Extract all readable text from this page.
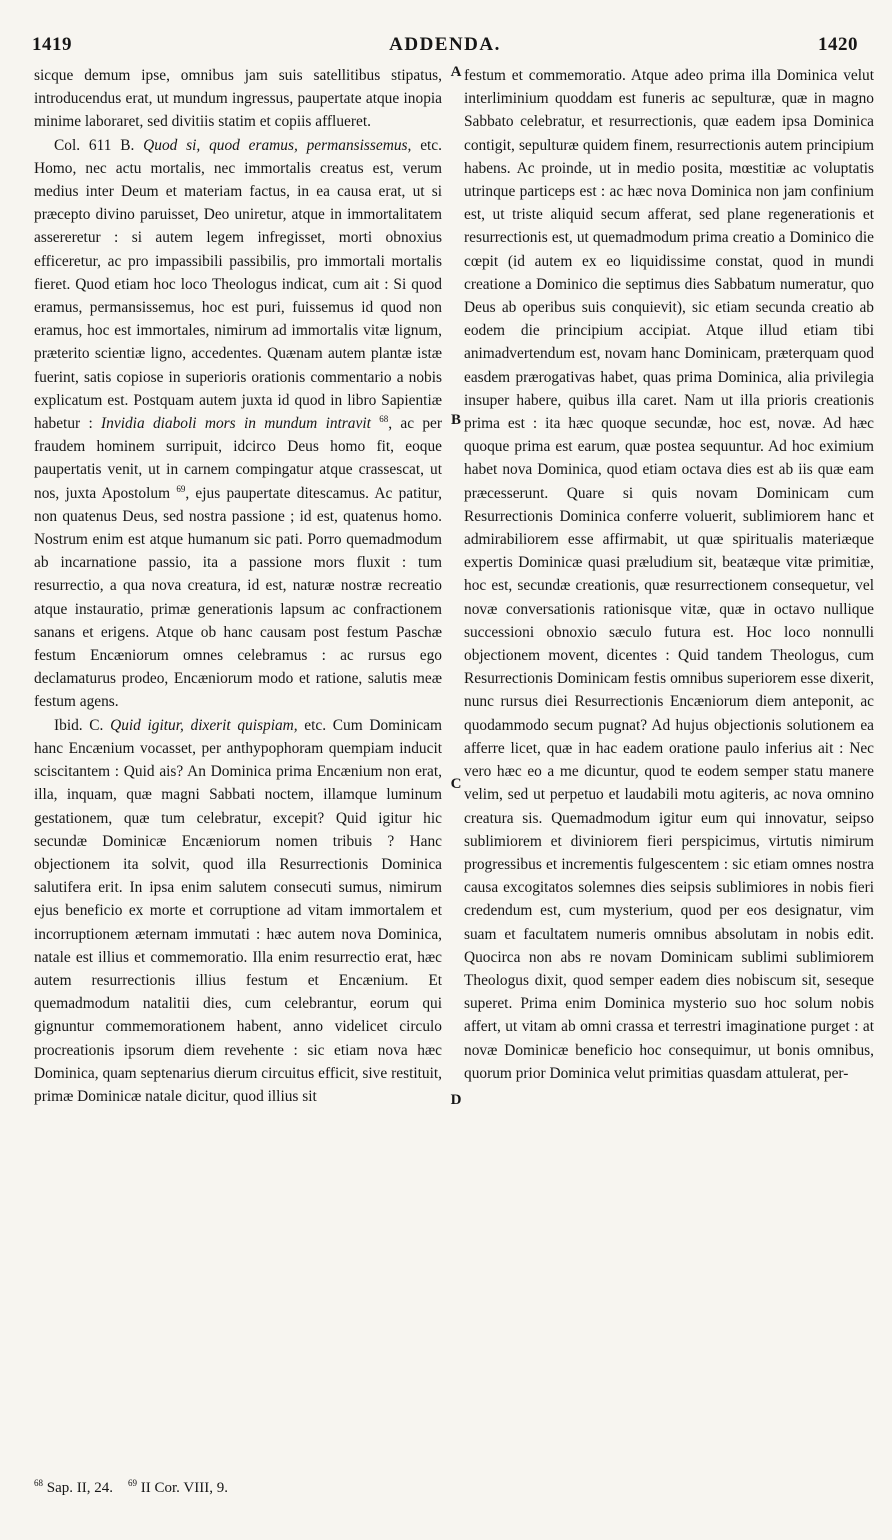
1419	ADDENDA.	1420

sicque demum ipse, omnibus jam suis satellitibus stipatus, introducendus erat, ut mundum ingressus, paupertate atque inopia minime laboraret, sed divitiis statim et copiis afflueret.

Col. 611 B. Quod si, quod eramus, permansissemus, etc. Homo, nec actu mortalis, nec immortalis creatus est, verum medius inter Deum et materiam factus, in ea causa erat, ut si præcepto divino paruisset, Deo uniretur, atque in immortalitatem assereretur : si autem legem infregisset, morti obnoxius efficeretur, ac pro impassibili passibilis, pro immortali mortalis fieret. Quod etiam hoc loco Theologus indicat, cum ait : Si quod eramus, permansissemus, hoc est puri, fuissemus id quod non eramus, hoc est immortales, nimirum ad immortalis vitæ lignum, præterito scientiæ ligno, accedentes. Quænam autem plantæ istæ fuerint, satis copiose in superioris orationis commentario a nobis explicatum est. Postquam autem juxta id quod in libro Sapientiæ habetur : Invidia diaboli mors in mundum intravit $^{68}$, ac per fraudem hominem surripuit, idcirco Deus homo fit, eoque paupertatis venit, ut in carnem compingatur atque crassescat, ut nos, juxta Apostolum $^{69}$, ejus paupertate ditescamus. Ac patitur, non quatenus Deus, sed nostra passione ; id est, quatenus homo. Nostrum enim est atque humanum sic pati. Porro quemadmodum ab incarnatione passio, ita a passione mors fluxit : tum resurrectio, a qua nova creatura, id est, naturæ nostræ recreatio atque instauratio, primæ generationis lapsum ac confractionem sanans et erigens. Atque ob hanc causam post festum Paschæ festum Encæniorum omnes celebramus : ac rursus ego declamaturus prodeo, Encæniorum modo et ratione, salutis meæ festum agens.

Ibid. C. Quid igitur, dixerit quispiam, etc. Cum Dominicam hanc Encænium vocasset, per anthypophoram quempiam inducit sciscitantem : Quid ais? An Dominica prima Encænium non erat, illa, inquam, quæ magni Sabbati noctem, illamque luminum gestationem, quæ tum celebratur, excepit? Quid igitur hic secundæ Dominicæ Encæniorum nomen tribuis ? Hanc objectionem ita solvit, quod illa Resurrectionis Dominica salutifera erit. In ipsa enim salutem consecuti sumus, nimirum ejus beneficio ex morte et corruptione ad vitam immortalem et incorruptionem æternam immutati : hæc autem nova Dominica, natale est illius et commemoratio. Illa enim resurrectio erat, hæc autem resurrectionis illius festum et Encænium. Et quemadmodum natalitii dies, cum celebrantur, eorum qui gignuntur commemorationem habent, anno videlicet circulo procreationis ipsorum diem revehente : sic etiam nova hæc Dominica, quam septenarius dierum circuitus efficit, sive restituit, primæ Dominicæ natale dicitur, quod illius sit

A
B
C
D

festum et commemoratio. Atque adeo prima illa Dominica velut interliminium quoddam est funeris ac sepulturæ, quæ in magno Sabbato celebratur, et resurrectionis, quæ eadem ipsa Dominica contigit, sepulturæ quidem finem, resurrectionis autem principium habens. Ac proinde, ut in medio posita, mœstitiæ ac voluptatis utrinque particeps est : ac hæc nova Dominica non jam confinium est, ut triste aliquid secum afferat, sed plane regenerationis et resurrectionis est, ut quemadmodum prima creatio a Dominico die cœpit (id autem ex eo liquidissime constat, quod in mundi creatione a Dominico die septimus dies Sabbatum numeratur, quo Deus ab operibus suis conquievit), sic etiam secunda creatio ab eodem die principium accipiat. Atque illud etiam tibi animadvertendum est, novam hanc Dominicam, præterquam quod easdem prærogativas habet, quas prima Dominica, alia privilegia insuper habere, quibus illa caret. Nam ut illa prioris creationis prima est : ita hæc quoque secundæ, hoc est, novæ. Ad hæc quoque prima est earum, quæ postea sequuntur. Ad hoc eximium habet nova Dominica, quod etiam octava dies est ab iis quæ eam præcesserunt. Quare si quis novam Dominicam cum Resurrectionis Dominica conferre voluerit, sublimiorem hanc et admirabiliorem esse affirmabit, ut quæ spiritualis materiæque expertis Dominicæ quasi præludium sit, beatæque vitæ primitiæ, hoc est, secundæ creationis, quæ resurrectionem consequetur, vel novæ conversationis rationisque vitæ, quæ in octavo nullique successioni obnoxio sæculo futura est. Hoc loco nonnulli objectionem movent, dicentes : Quid tandem Theologus, cum Resurrectionis Dominicam festis omnibus superiorem esse dixerit, nunc rursus diei Resurrectionis Encæniorum diem anteponit, ac quodammodo secum pugnat? Ad hujus objectionis solutionem ea afferre licet, quæ in hac eadem oratione paulo inferius ait : Nec vero hæc eo a me dicuntur, quod te eodem semper statu manere velim, sed ut perpetuo et laudabili motu agiteris, ac nova omnino creatura sis. Quemadmodum igitur eum qui innovatur, seipso sublimiorem et diviniorem fieri perspicimus, virtutis nimirum progressibus et incrementis fulgescentem : sic etiam omnes nostra causa excogitatos solemnes dies seipsis sublimiores in nobis fieri credendum est, cum mysterium, quod per eos designatur, vim suam et facultatem numeris omnibus absolutam in nobis edit. Quocirca non abs re novam Dominicam sublimi sublimiorem Theologus dixit, quod semper eadem dies nobiscum sit, seseque superet. Prima enim Dominica mysterio suo hoc solum nobis affert, ut vitam ab omni crassa et terrestri imaginatione purget : at novæ Dominicæ beneficio hoc consequimur, ut bonis omnibus, quorum prior Dominica velut primitias quasdam attulerat, per-

$^{68}$ Sap. II, 24. $^{69}$ II Cor. VIII, 9.
